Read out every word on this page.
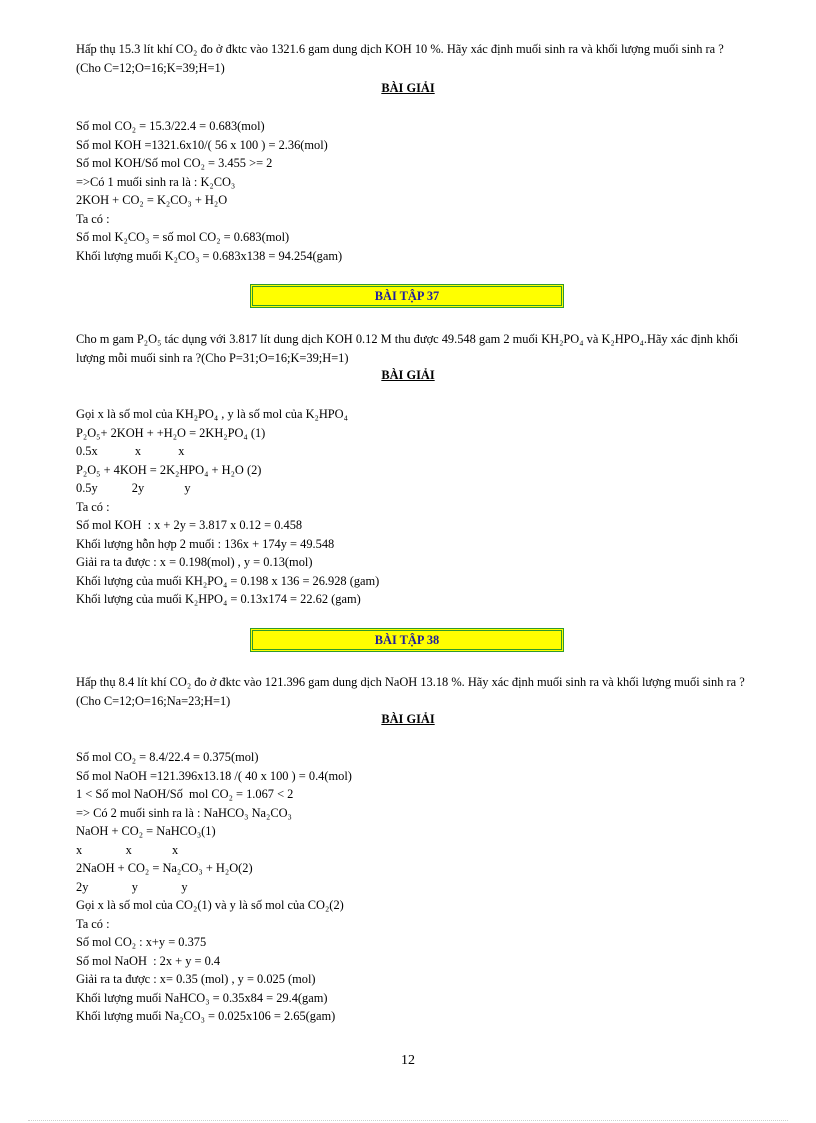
Hấp thụ 15.3 lít khí CO₂ đo ở đktc vào 1321.6 gam dung dịch KOH 10 %. Hãy xác định muối sinh ra và khối lượng muối sinh ra ?(Cho C=12;O=16;K=39;H=1)
BÀI GIẢI
Số mol CO₂ = 15.3/22.4 = 0.683(mol)
Số mol KOH =1321.6x10/( 56 x 100 ) = 2.36(mol)
Số mol KOH/Số mol CO₂ = 3.455 >= 2
=>Có 1 muối sinh ra là : K₂CO₃
2KOH + CO₂ = K₂CO₃ + H₂O
Ta có :
Số mol K₂CO₃ = số mol CO₂ = 0.683(mol)
Khối lượng muối K₂CO₃ = 0.683x138 = 94.254(gam)
BÀI TẬP 37
Cho m gam P₂O₅ tác dụng với 3.817 lít dung dịch KOH 0.12 M thu được 49.548 gam 2 muối KH₂PO₄ và K₂HPO₄.Hãy xác định khối lượng mỗi muối sinh ra ?(Cho P=31;O=16;K=39;H=1)
BÀI GIẢI
Gọi x là số mol của KH₂PO₄ , y là số mol của K₂HPO₄
P₂O₅+ 2KOH + +H₂O = 2KH₂PO₄ (1)
0.5x            x            x
P₂O₅ + 4KOH = 2K₂HPO₄ + H₂O (2)
0.5y           2y             y
Ta có :
Số mol KOH  : x + 2y = 3.817 x 0.12 = 0.458
Khối lượng hỗn hợp 2 muối : 136x + 174y = 49.548
Giải ra ta được : x = 0.198(mol) , y = 0.13(mol)
Khối lượng của muối KH₂PO₄ = 0.198 x 136 = 26.928 (gam)
Khối lượng của muối K₂HPO₄ = 0.13x174 = 22.62 (gam)
BÀI TẬP 38
Hấp thụ 8.4 lít khí CO₂ đo ở đktc vào 121.396 gam dung dịch NaOH 13.18 %. Hãy xác định muối sinh ra và khối lượng muối sinh ra ?(Cho C=12;O=16;Na=23;H=1)
BÀI GIẢI
Số mol CO₂ = 8.4/22.4 = 0.375(mol)
Số mol NaOH =121.396x13.18 /( 40 x 100 ) = 0.4(mol)
1 < Số mol NaOH/Số  mol CO₂ = 1.067 < 2
=> Có 2 muối sinh ra là : NaHCO₃ Na₂CO₃
NaOH + CO₂ = NaHCO₃(1)
x              x             x
2NaOH + CO₂ = Na₂CO₃ + H₂O(2)
2y              y              y
Gọi x là số mol của CO₂(1) và y là số mol của CO₂(2)
Ta có :
Số mol CO₂ : x+y = 0.375
Số mol NaOH  : 2x + y = 0.4
Giải ra ta được : x= 0.35 (mol) , y = 0.025 (mol)
Khối lượng muối NaHCO₃ = 0.35x84 = 29.4(gam)
Khối lượng muối Na₂CO₃ = 0.025x106 = 2.65(gam)
12
